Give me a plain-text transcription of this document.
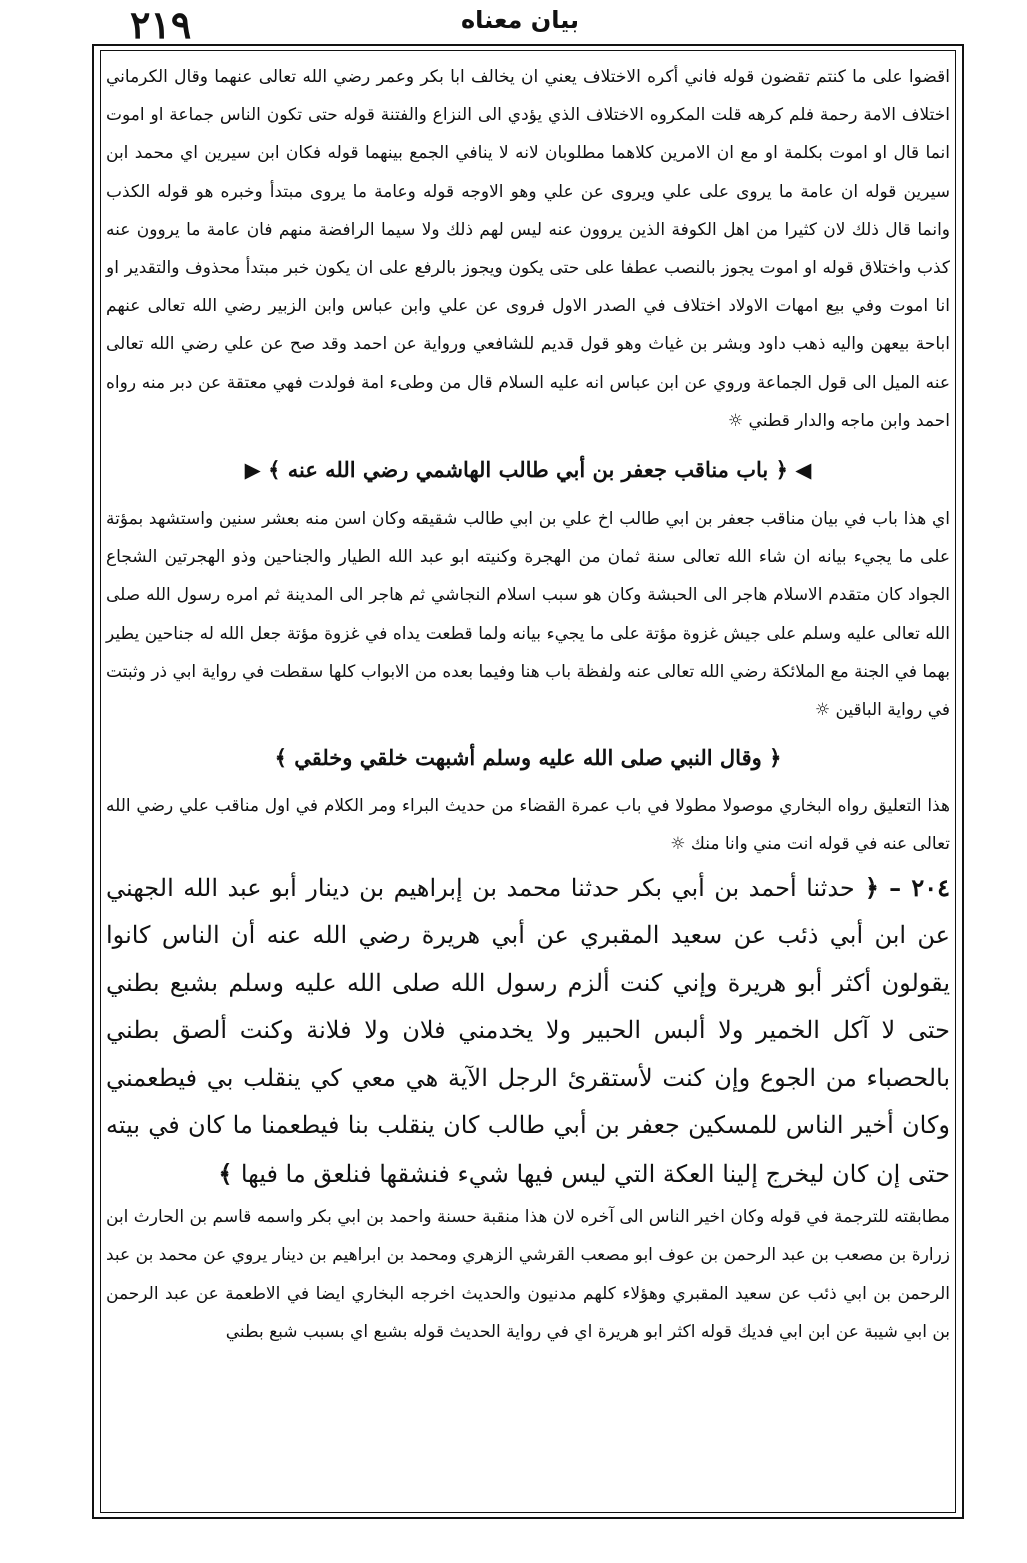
٢١٩	بيان معناه

اقضوا على ما كنتم تقضون قوله فاني أكره الاختلاف يعني ان يخالف ابا بكر وعمر رضي الله تعالى عنهما وقال الكرماني اختلاف الامة رحمة فلم كرهه قلت المكروه الاختلاف الذي يؤدي الى النزاع والفتنة قوله حتى تكون الناس جماعة او اموت انما قال او اموت بكلمة او مع ان الامرين كلاهما مطلوبان لانه لا ينافي الجمع بينهما قوله فكان ابن سيرين اي محمد ابن سيرين قوله ان عامة ما يروى على علي ويروى عن علي وهو الاوجه قوله وعامة ما يروى مبتدأ وخبره هو قوله الكذب وانما قال ذلك لان كثيرا من اهل الكوفة الذين يروون عنه ليس لهم ذلك ولا سيما الرافضة منهم فان عامة ما يروون عنه كذب واختلاق قوله او اموت يجوز بالنصب عطفا على حتى يكون ويجوز بالرفع على ان يكون خبر مبتدأ محذوف والتقدير او انا اموت وفي بيع امهات الاولاد اختلاف في الصدر الاول فروى عن علي وابن عباس وابن الزبير رضي الله تعالى عنهم اباحة بيعهن واليه ذهب داود وبشر بن غياث وهو قول قديم للشافعي ورواية عن احمد وقد صح عن علي رضي الله تعالى عنه الميل الى قول الجماعة وروي عن ابن عباس انه عليه السلام قال من وطىء امة فولدت فهي معتقة عن دبر منه رواه احمد وابن ماجه والدار قطني ☼

◀︎ ﴿ باب مناقب جعفر بن أبي طالب الهاشمي رضي الله عنه ﴾ ▶︎

اي هذا باب في بيان مناقب جعفر بن ابي طالب اخ علي بن ابي طالب شقيقه وكان اسن منه بعشر سنين واستشهد بمؤتة على ما يجيء بيانه ان شاء الله تعالى سنة ثمان من الهجرة وكنيته ابو عبد الله الطيار والجناحين وذو الهجرتين الشجاع الجواد كان متقدم الاسلام هاجر الى الحبشة وكان هو سبب اسلام النجاشي ثم هاجر الى المدينة ثم امره رسول الله صلى الله تعالى عليه وسلم على جيش غزوة مؤتة على ما يجيء بيانه ولما قطعت يداه في غزوة مؤتة جعل الله له جناحين يطير بهما في الجنة مع الملائكة رضي الله تعالى عنه ولفظة باب هنا وفيما بعده من الابواب كلها سقطت في رواية ابي ذر وثبتت في رواية الباقين ☼

﴿ وقال النبي صلى الله عليه وسلم أشبهت خلقي وخلقي ﴾

هذا التعليق رواه البخاري موصولا مطولا في باب عمرة القضاء من حديث البراء ومر الكلام في اول مناقب علي رضي الله تعالى عنه في قوله انت مني وانا منك ☼

٢٠٤ – ﴿ حدثنا أحمد بن أبي بكر حدثنا محمد بن إبراهيم بن دينار أبو عبد الله الجهني عن ابن أبي ذئب عن سعيد المقبري عن أبي هريرة رضي الله عنه أن الناس كانوا يقولون أكثر أبو هريرة وإني كنت ألزم رسول الله صلى الله عليه وسلم بشبع بطني حتى لا آكل الخمير ولا ألبس الحبير ولا يخدمني فلان ولا فلانة وكنت ألصق بطني بالحصباء من الجوع وإن كنت لأستقرئ الرجل الآية هي معي كي ينقلب بي فيطعمني وكان أخير الناس للمسكين جعفر بن أبي طالب كان ينقلب بنا فيطعمنا ما كان في بيته حتى إن كان ليخرج إلينا العكة التي ليس فيها شيء فنشقها فنلعق ما فيها ﴾

مطابقته للترجمة في قوله وكان اخير الناس الى آخره لان هذا منقبة حسنة واحمد بن ابي بكر واسمه قاسم بن الحارث ابن زرارة بن مصعب بن عبد الرحمن بن عوف ابو مصعب القرشي الزهري ومحمد بن ابراهيم بن دينار يروي عن محمد بن عبد الرحمن بن ابي ذئب عن سعيد المقبري وهؤلاء كلهم مدنيون والحديث اخرجه البخاري ايضا في الاطعمة عن عبد الرحمن بن ابي شيبة عن ابن ابي فديك قوله اكثر ابو هريرة اي في رواية الحديث قوله بشبع اي بسبب شبع بطني
